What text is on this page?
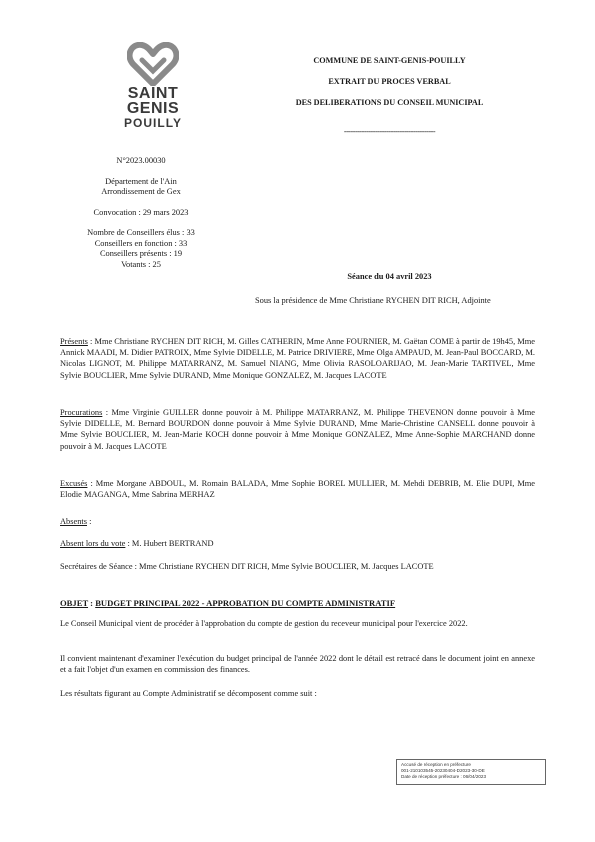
SAINT
GENIS
POUILLY
COMMUNE DE SAINT-GENIS-POUILLY
EXTRAIT DU PROCES VERBAL
DES DELIBERATIONS DU CONSEIL MUNICIPAL
-----------------------------------------
N°2023.00030
Département de l'Ain
Arrondissement de Gex
Convocation : 29 mars 2023
Nombre de Conseillers élus : 33
Conseillers en fonction : 33
Conseillers présents : 19
Votants : 25
Séance du 04 avril 2023
Sous la présidence de Mme Christiane RYCHEN DIT RICH, Adjointe
Présents : Mme Christiane RYCHEN DIT RICH, M. Gilles CATHERIN, Mme Anne FOURNIER, M. Gaëtan COME à partir de 19h45, Mme Annick MAADI, M. Didier PATROIX, Mme Sylvie DIDELLE, M. Patrice DRIVIERE, Mme Olga AMPAUD, M. Jean-Paul BOCCARD, M. Nicolas LIGNOT, M. Philippe MATARRANZ, M. Samuel NIANG, Mme Olivia RASOLOARIJAO, M. Jean-Marie TARTIVEL, Mme Sylvie BOUCLIER, Mme Sylvie DURAND, Mme Monique GONZALEZ, M. Jacques LACOTE
Procurations : Mme Virginie GUILLER donne pouvoir à M. Philippe MATARRANZ, M. Philippe THEVENON donne pouvoir à Mme Sylvie DIDELLE, M. Bernard BOURDON donne pouvoir à Mme Sylvie DURAND, Mme Marie-Christine CANSELL donne pouvoir à Mme Sylvie BOUCLIER, M. Jean-Marie KOCH donne pouvoir à Mme Monique GONZALEZ, Mme Anne-Sophie MARCHAND donne pouvoir à M. Jacques LACOTE
Excusés : Mme Morgane ABDOUL, M. Romain BALADA, Mme Sophie BOREL MULLIER, M. Mehdi DEBRIB, M. Elie DUPI, Mme Elodie MAGANGA, Mme Sabrina MERHAZ
Absents :
Absent lors du vote : M. Hubert BERTRAND
Secrétaires de Séance : Mme Christiane RYCHEN DIT RICH, Mme Sylvie BOUCLIER, M. Jacques LACOTE
OBJET : BUDGET PRINCIPAL 2022 - APPROBATION DU COMPTE ADMINISTRATIF
Le Conseil Municipal vient de procéder à l'approbation du compte de gestion du receveur municipal pour l'exercice 2022.
Il convient maintenant d'examiner l'exécution du budget principal de l'année 2022 dont le détail est retracé dans le document joint en annexe et a fait l'objet d'un examen en commission des finances.
Les résultats figurant au Compte Administratif se décomposent comme suit :
Accusé de réception en préfecture
001-210103545-20230404-D2023-30-DE
Date de réception préfecture : 06/04/2023
